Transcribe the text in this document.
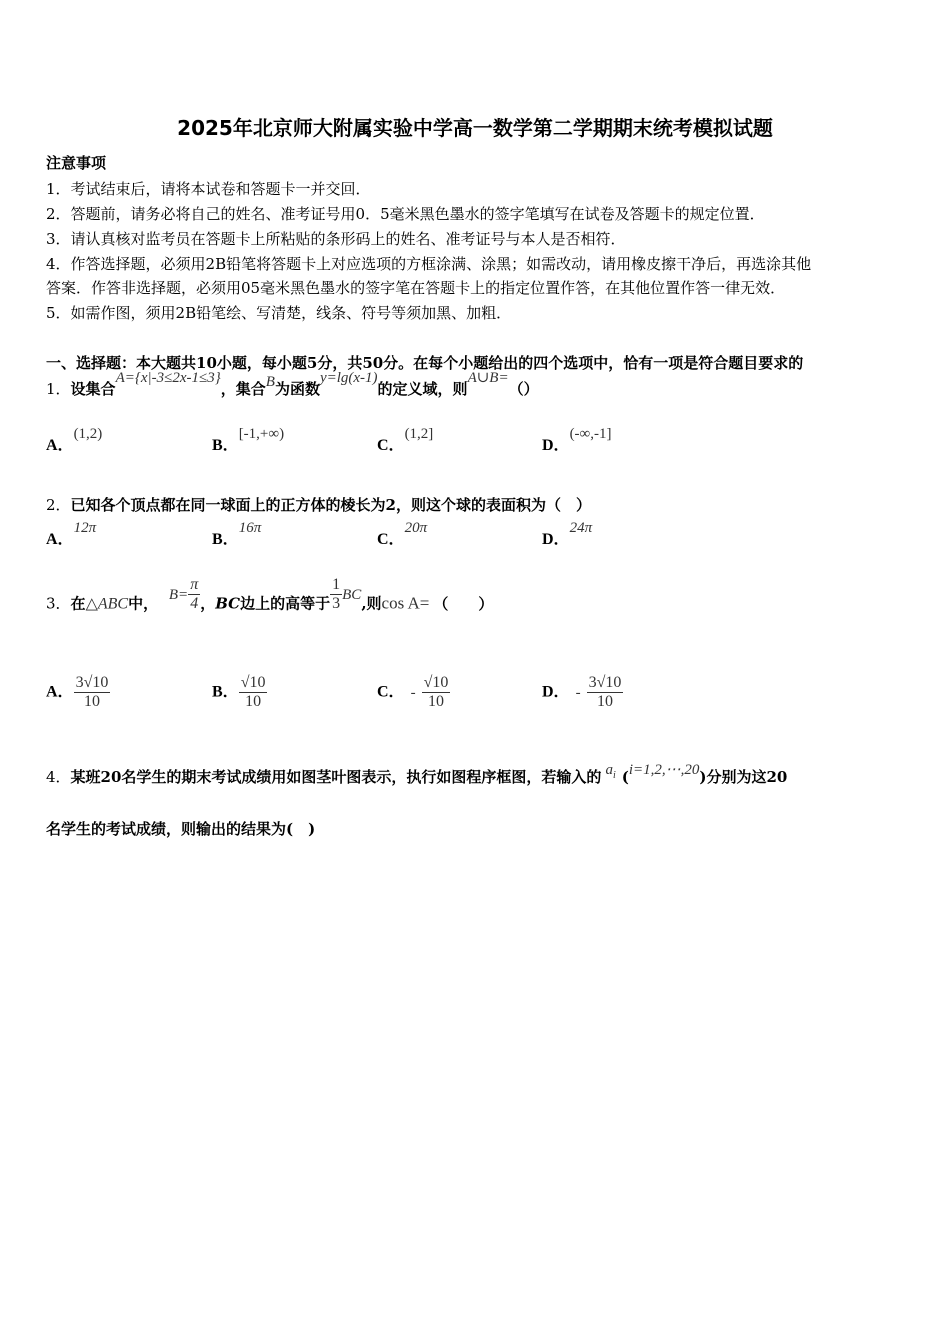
2025年北京师大附属实验中学高一数学第二学期期末统考模拟试题
注意事项
1．考试结束后，请将本试卷和答题卡一并交回．
2．答题前，请务必将自己的姓名、准考证号用0．5毫米黑色墨水的签字笔填写在试卷及答题卡的规定位置．
3．请认真核对监考员在答题卡上所粘贴的条形码上的姓名、准考证号与本人是否相符．
4．作答选择题，必须用2B铅笔将答题卡上对应选项的方框涂满、涂黑；如需改动，请用橡皮擦干净后，再选涂其他
答案．作答非选择题，必须用05毫米黑色墨水的签字笔在答题卡上的指定位置作答，在其他位置作答一律无效．
5．如需作图，须用2B铅笔绘、写清楚，线条、符号等须加黑、加粗．
一、选择题：本大题共10小题，每小题5分，共50分。在每个小题给出的四个选项中，恰有一项是符合题目要求的
1．设集合A={x|-3≤2x-1≤3}，集合B为函数y=lg(x-1)的定义域，则A∪B=（）
A．(1,2)
B．[-1,+∞)
C．(1,2]
D．(-∞,-1]
2．已知各个顶点都在同一球面上的正方体的棱长为2，则这个球的表面积为（　）
A．12π
B．16π
C．20π
D．24π
3．在△ABC中， $B= \frac{\pi}{4}$ ，BC边上的高等于 $\frac{1}{3}$ BC,则cos A= （　　）
A． $\frac{3√10}{10}$	B． $\frac{√10}{10}$	C． - $\frac{√10}{10}$	D． - $\frac{3√10}{10}$
4．某班20名学生的期末考试成绩用如图茎叶图表示，执行如图程序框图，若输入的 $a_i$ (i=1,2,⋯,20)分别为这20
名学生的考试成绩，则输出的结果为(　)
